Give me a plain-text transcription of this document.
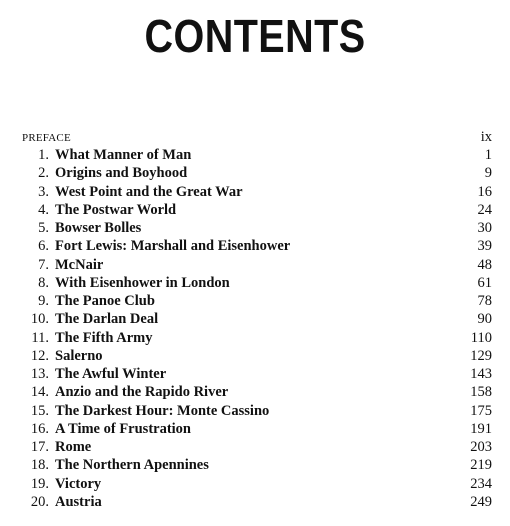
CONTENTS
PREFACE	ix
1. What Manner of Man	1
2. Origins and Boyhood	9
3. West Point and the Great War	16
4. The Postwar World	24
5. Bowser Bolles	30
6. Fort Lewis: Marshall and Eisenhower	39
7. McNair	48
8. With Eisenhower in London	61
9. The Panoe Club	78
10. The Darlan Deal	90
11. The Fifth Army	110
12. Salerno	129
13. The Awful Winter	143
14. Anzio and the Rapido River	158
15. The Darkest Hour: Monte Cassino	175
16. A Time of Frustration	191
17. Rome	203
18. The Northern Apennines	219
19. Victory	234
20. Austria	249
